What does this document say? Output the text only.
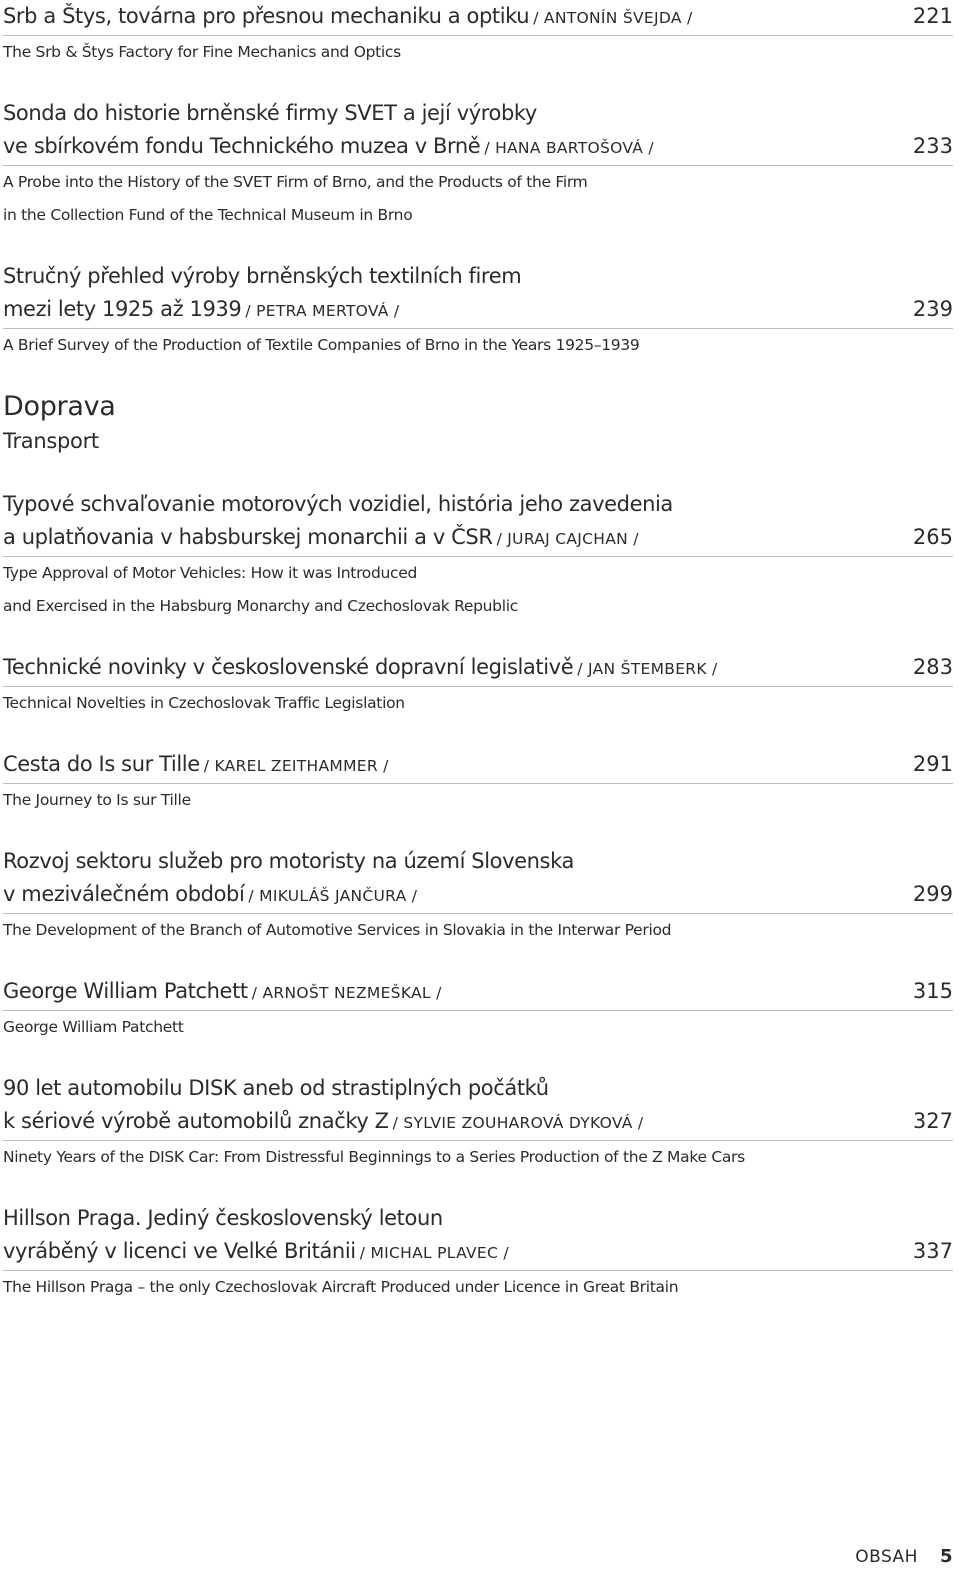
Srb a Štys, továrna pro přesnou mechaniku a optiku / ANTONÍN ŠVEJDA /	221
The Srb & Štys Factory for Fine Mechanics and Optics
Sonda do historie brněnské firmy SVET a její výrobky
ve sbírkovém fondu Technického muzea v Brně / HANA BARTOŠOVÁ /	233
A Probe into the History of the SVET Firm of Brno, and the Products of the Firm
in the Collection Fund of the Technical Museum in Brno
Stručný přehled výroby brněnských textilních firem
mezi lety 1925 až 1939 / PETRA MERTOVÁ /	239
A Brief Survey of the Production of Textile Companies of Brno in the Years 1925–1939
Doprava
Transport
Typové schvaľovanie motorových vozidiel, história jeho zavedenia
a uplatňovania v habsburskej monarchii a v ČSR / JURAJ CAJCHAN /	265
Type Approval of Motor Vehicles: How it was Introduced
and Exercised in the Habsburg Monarchy and Czechoslovak Republic
Technické novinky v československé dopravní legislativě / JAN ŠTEMBERK /	283
Technical Novelties in Czechoslovak Traffic Legislation
Cesta do Is sur Tille / KAREL ZEITHAMMER /	291
The Journey to Is sur Tille
Rozvoj sektoru služeb pro motoristy na území Slovenska
v meziválečném období / MIKULÁŠ JANČURA /	299
The Development of the Branch of Automotive Services in Slovakia in the Interwar Period
George William Patchett / ARNOŠT NEZMEŠKAL /	315
George William Patchett
90 let automobilu DISK aneb od strastiplných počátků
k sériové výrobě automobilů značky Z / SYLVIE ZOUHAROVÁ DYKOVÁ /	327
Ninety Years of the DISK Car: From Distressful Beginnings to a Series Production of the Z Make Cars
Hillson Praga. Jediný československý letoun
vyráběný v licenci ve Velké Británii / MICHAL PLAVEC /	337
The Hillson Praga – the only Czechoslovak Aircraft Produced under Licence in Great Britain
OBSAH 5
